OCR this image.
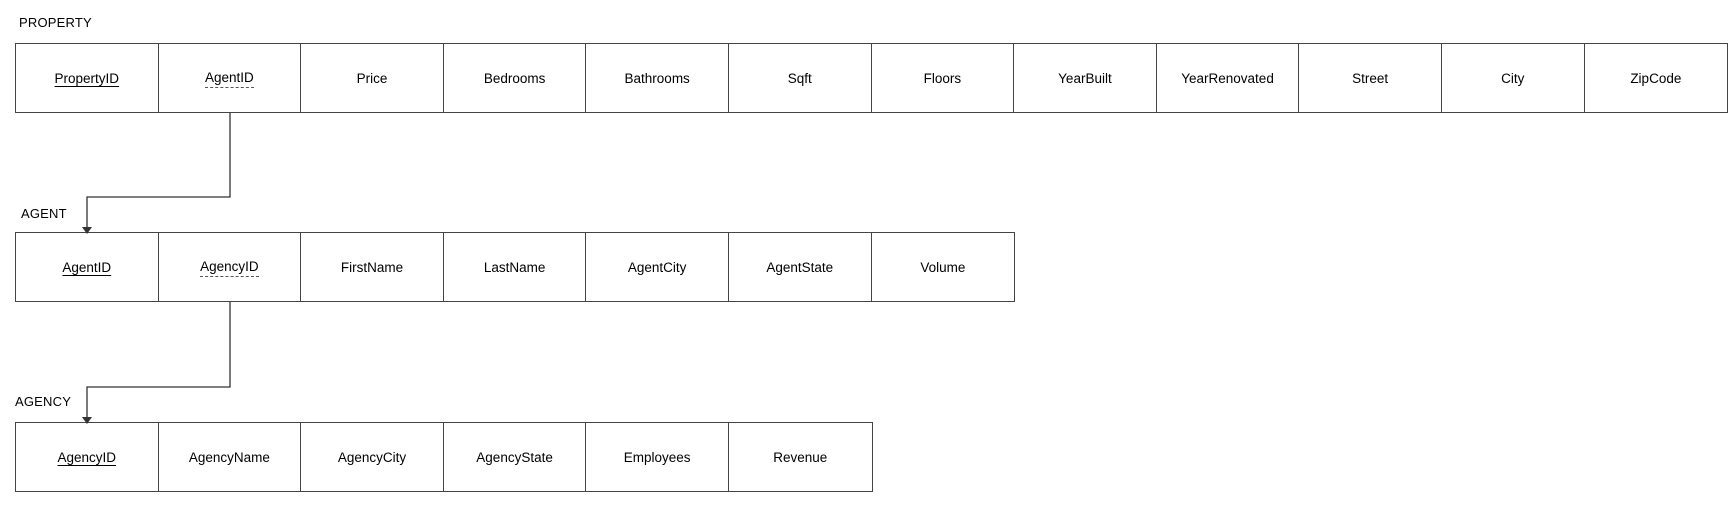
PROPERTY
PropertyID	AgentID	Price	Bedrooms	Bathrooms	Sqft	Floors	YearBuilt	YearRenovated	Street	City	ZipCode
AGENT
AgentID	AgencyID	FirstName	LastName	AgentCity	AgentState	Volume
AGENCY
AgencyID	AgencyName	AgencyCity	AgencyState	Employees	Revenue
